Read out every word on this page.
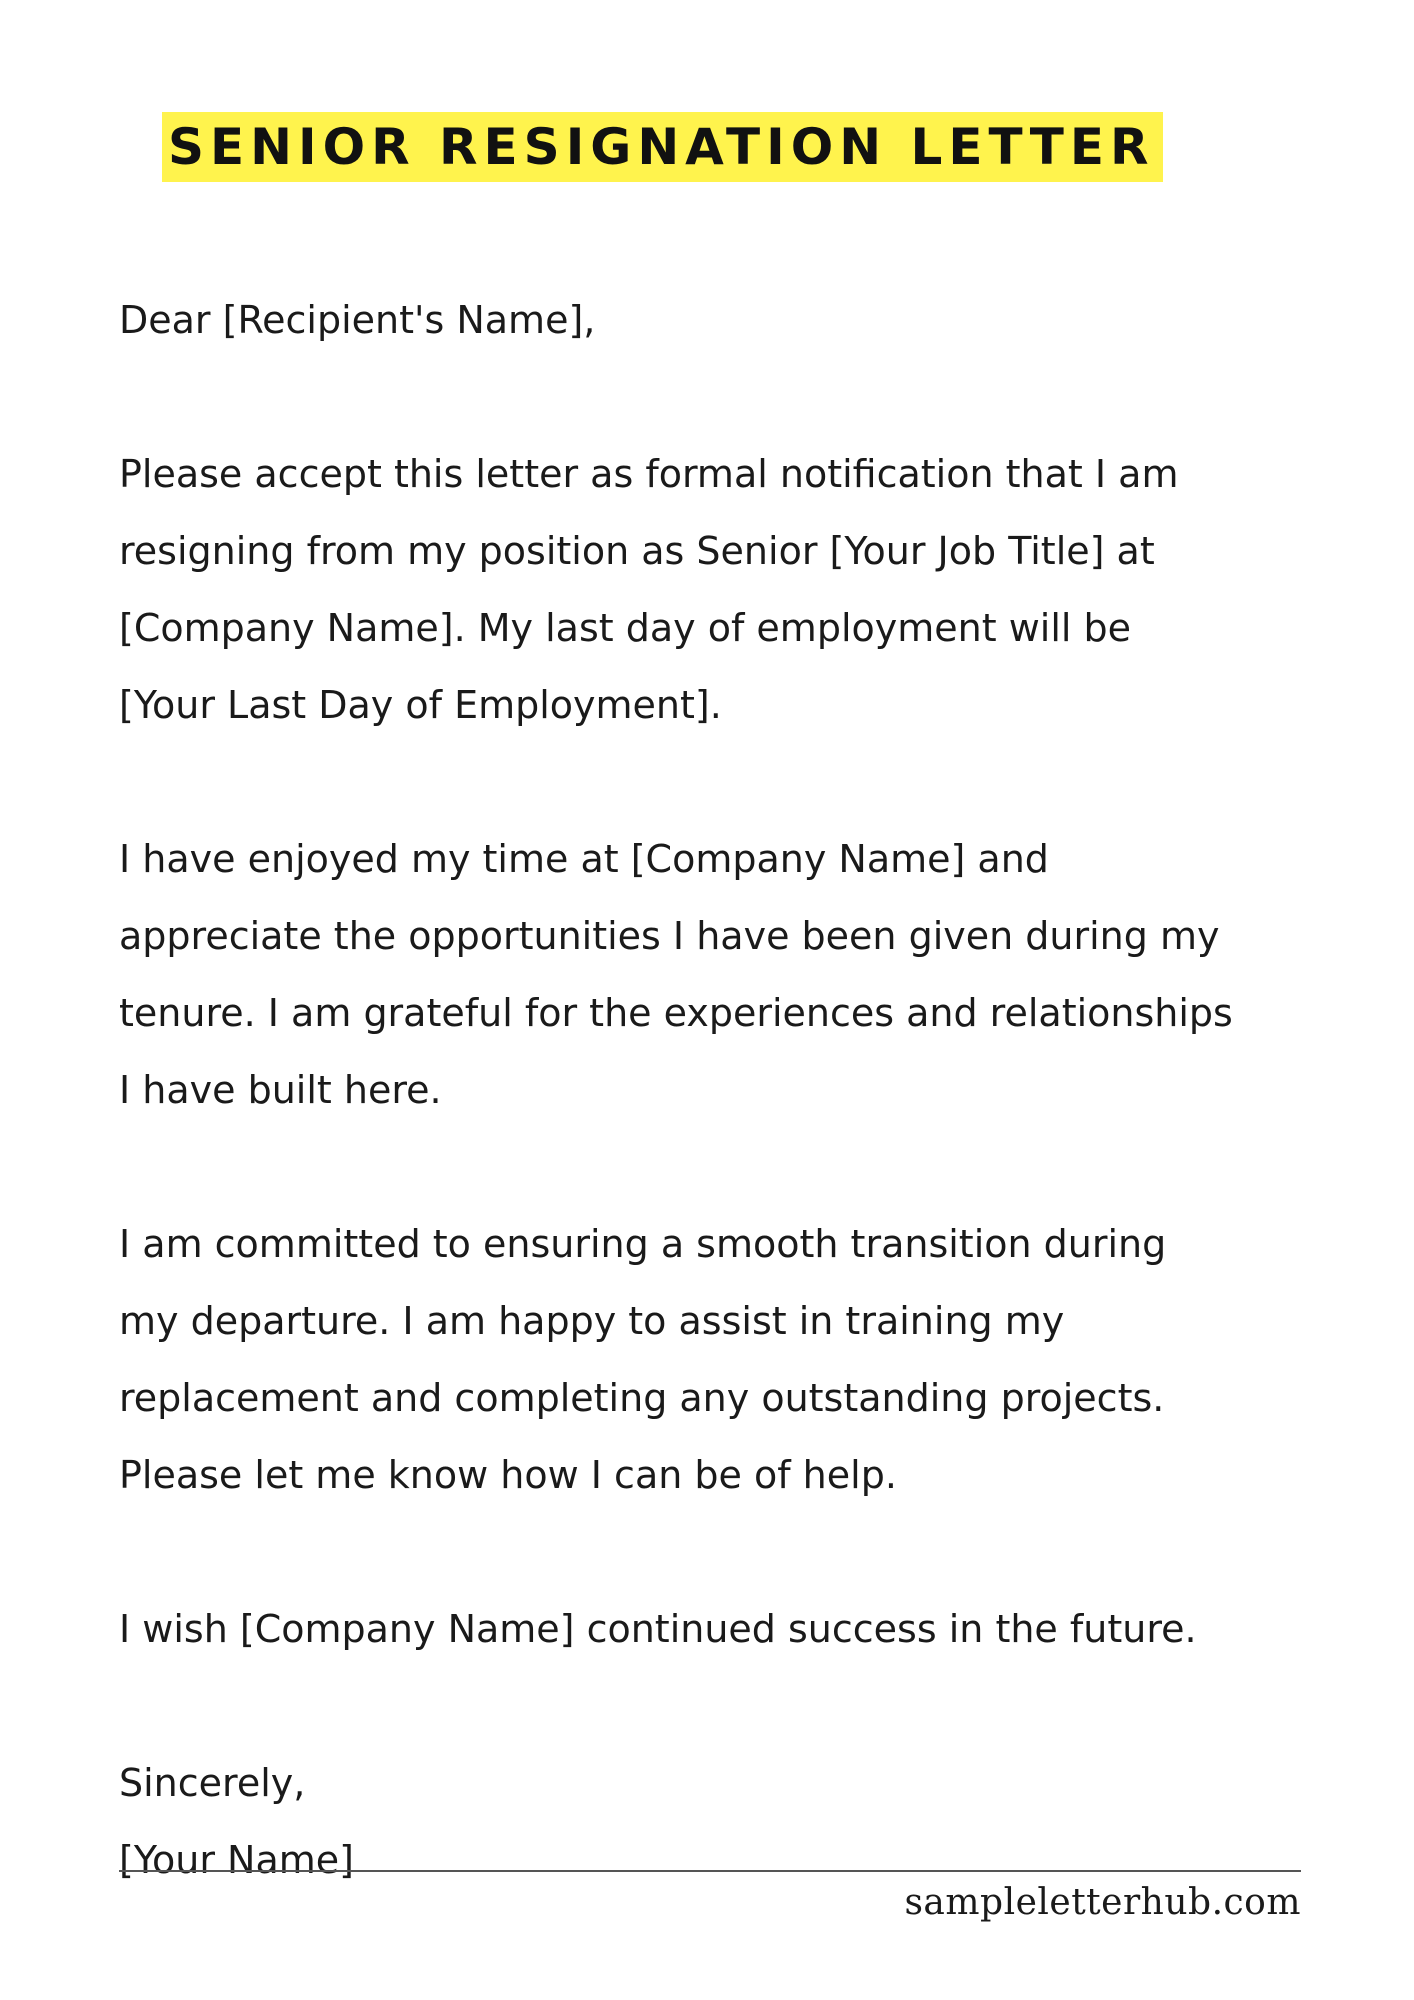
SENIOR RESIGNATION LETTER

Dear [Recipient's Name],

Please accept this letter as formal notification that I am
resigning from my position as Senior [Your Job Title] at
[Company Name]. My last day of employment will be
[Your Last Day of Employment].

I have enjoyed my time at [Company Name] and
appreciate the opportunities I have been given during my
tenure. I am grateful for the experiences and relationships
I have built here.

I am committed to ensuring a smooth transition during
my departure. I am happy to assist in training my
replacement and completing any outstanding projects.
Please let me know how I can be of help.

I wish [Company Name] continued success in the future.

Sincerely,
[Your Name]
sampleletterhub.com
